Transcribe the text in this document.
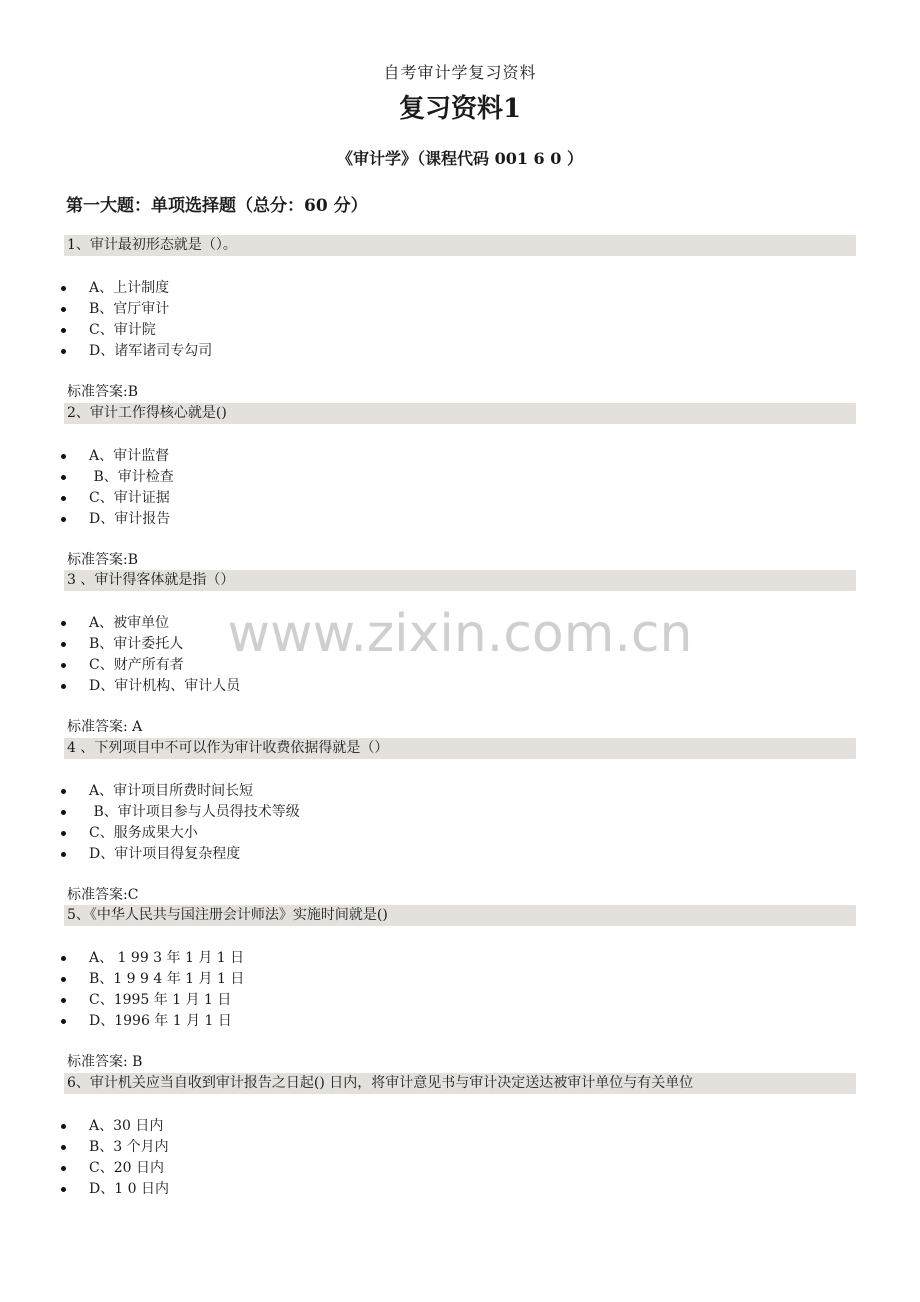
自考审计学复习资料
复习资料1
《审计学》（课程代码 001 6 0 ）
第一大题：单项选择题（总分：60 分）
1、审计最初形态就是（）。
A、上计制度
B、官厅审计
C、审计院
D、诸军诸司专勾司
标准答案:B
2、审计工作得核心就是()
A、审计监督
B、审计检查
C、审计证据
D、审计报告
标准答案:B
3 、审计得客体就是指（）
A、被审单位
B、审计委托人
C、财产所有者
D、审计机构、审计人员
标准答案: A
4 、下列项目中不可以作为审计收费依据得就是（）
A、审计项目所费时间长短
B、审计项目参与人员得技术等级
C、服务成果大小
D、审计项目得复杂程度
标准答案:C
5、《中华人民共与国注册会计师法》实施时间就是()
A、 1 99 3 年 1 月 1 日
B、1 9 9 4 年 1 月 1 日
C、1995 年 1 月 1 日
D、1996 年 1 月 1 日
标准答案: B
6、审计机关应当自收到审计报告之日起() 日内，将审计意见书与审计决定送达被审计单位与有关单位
A、30 日内
B、3 个月内
C、20 日内
D、1 0 日内
www.zixin.com.cn
